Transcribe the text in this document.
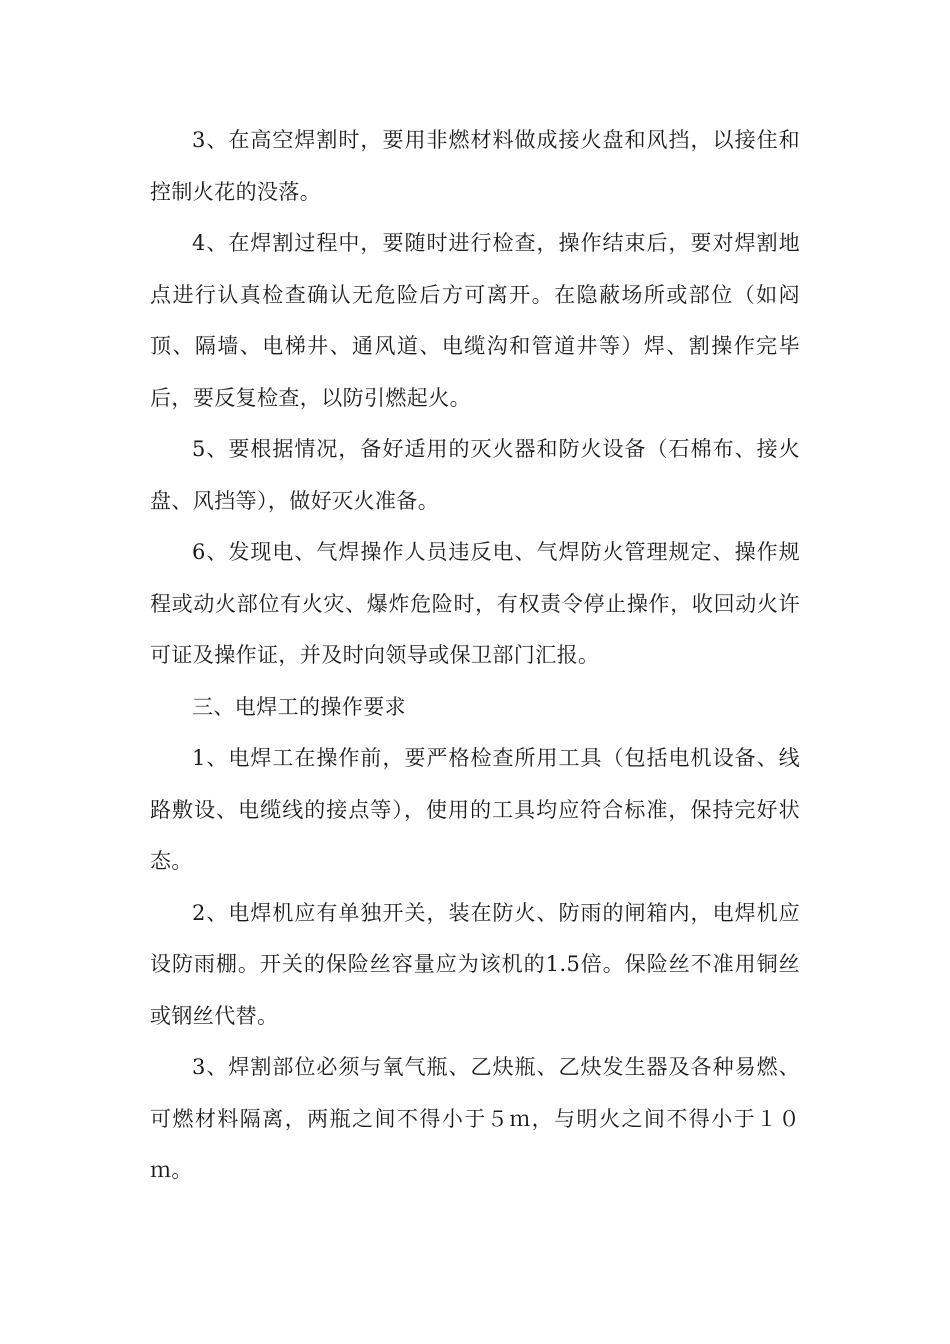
3、在高空焊割时，要用非燃材料做成接火盘和风挡，以接住和控制火花的没落。

4、在焊割过程中，要随时进行检查，操作结束后，要对焊割地点进行认真检查确认无危险后方可离开。在隐蔽场所或部位（如闷顶、隔墙、电梯井、通风道、电缆沟和管道井等）焊、割操作完毕后，要反复检查，以防引燃起火。

5、要根据情况，备好适用的灭火器和防火设备（石棉布、接火盘、风挡等），做好灭火准备。

6、发现电、气焊操作人员违反电、气焊防火管理规定、操作规程或动火部位有火灾、爆炸危险时，有权责令停止操作，收回动火许可证及操作证，并及时向领导或保卫部门汇报。

三、电焊工的操作要求

1、电焊工在操作前，要严格检查所用工具（包括电机设备、线路敷设、电缆线的接点等），使用的工具均应符合标准，保持完好状态。

2、电焊机应有单独开关，装在防火、防雨的闸箱内，电焊机应设防雨棚。开关的保险丝容量应为该机的1.5倍。保险丝不准用铜丝或钢丝代替。

3、焊割部位必须与氧气瓶、乙炔瓶、乙炔发生器及各种易燃、可燃材料隔离，两瓶之间不得小于５ｍ，与明火之间不得小于１０ｍ。
